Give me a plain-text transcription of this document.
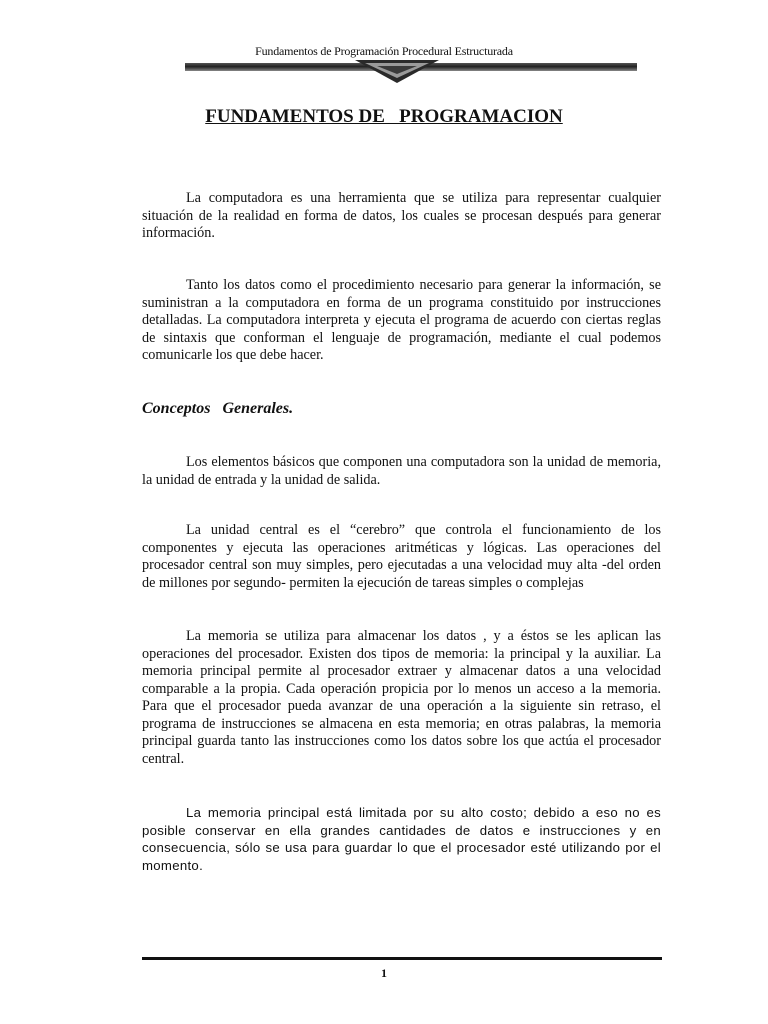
Fundamentos de Programación Procedural Estructurada
FUNDAMENTOS DE   PROGRAMACION

La computadora es una herramienta que se utiliza para representar cualquier situación de la realidad en forma de datos, los cuales se procesan después para generar información.

Tanto los datos como el procedimiento necesario para generar la información, se suministran a la computadora en forma de un programa constituido por instrucciones detalladas. La computadora interpreta y ejecuta el programa de acuerdo con ciertas reglas de sintaxis que conforman el lenguaje de programación, mediante el cual podemos comunicarle los que debe hacer.

Conceptos   Generales.

Los elementos básicos que componen una computadora son la unidad de memoria, la unidad de entrada y la unidad de salida.

La unidad central es el “cerebro” que controla el funcionamiento de los componentes y ejecuta las operaciones aritméticas y lógicas. Las operaciones del procesador central son muy simples, pero ejecutadas a una velocidad muy alta -del orden de millones por segundo- permiten la ejecución de tareas simples o complejas

La memoria se utiliza para almacenar los datos , y a éstos se les aplican las operaciones del procesador. Existen dos tipos de memoria: la principal y la auxiliar. La memoria principal permite al procesador extraer y almacenar datos a una velocidad comparable a la propia. Cada operación propicia por lo menos un acceso a la memoria. Para que el procesador pueda avanzar de una operación a la siguiente sin retraso, el programa de instrucciones se almacena en esta memoria; en otras palabras, la memoria principal guarda tanto las instrucciones como los datos sobre los que actúa el procesador central.

La memoria principal está limitada por su alto costo; debido a eso no es posible conservar en ella grandes cantidades de datos e instrucciones y en consecuencia, sólo se usa para guardar lo que el procesador esté utilizando por el momento.

1
